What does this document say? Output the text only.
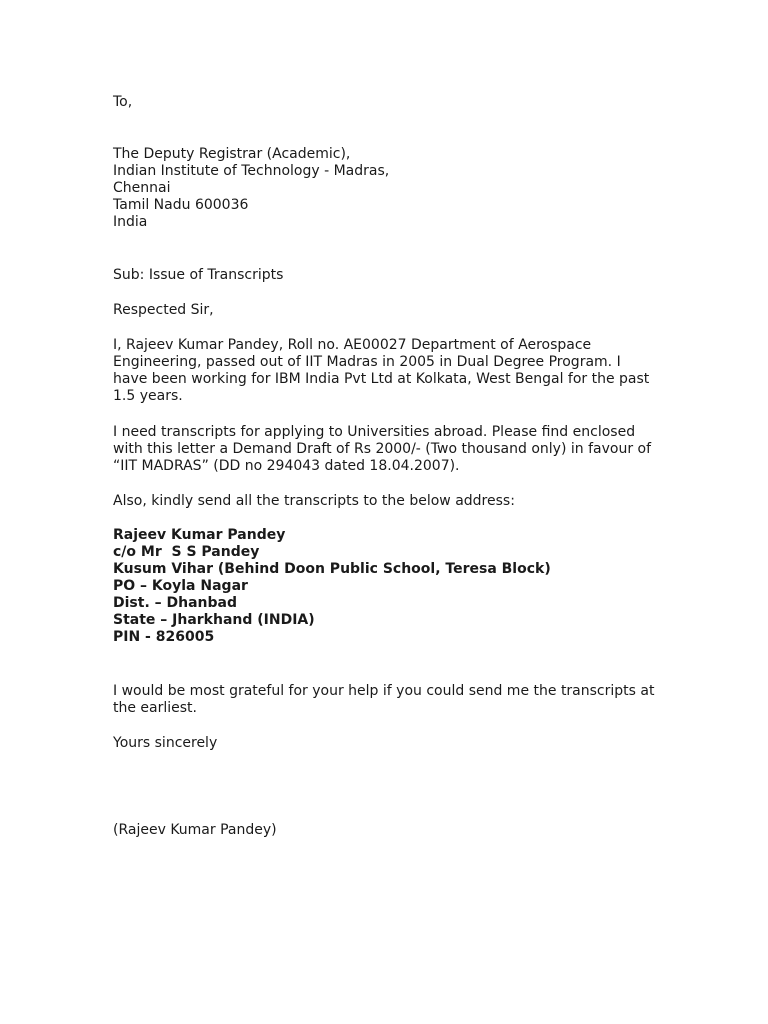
To,

The Deputy Registrar (Academic),
Indian Institute of Technology - Madras,
Chennai
Tamil Nadu 600036
India

Sub: Issue of Transcripts

Respected Sir,

I, Rajeev Kumar Pandey, Roll no. AE00027 Department of Aerospace
Engineering, passed out of IIT Madras in 2005 in Dual Degree Program. I
have been working for IBM India Pvt Ltd at Kolkata, West Bengal for the past
1.5 years.

I need transcripts for applying to Universities abroad. Please find enclosed
with this letter a Demand Draft of Rs 2000/- (Two thousand only) in favour of
“IIT MADRAS” (DD no 294043 dated 18.04.2007).

Also, kindly send all the transcripts to the below address:

Rajeev Kumar Pandey
c/o Mr  S S Pandey
Kusum Vihar (Behind Doon Public School, Teresa Block)
PO – Koyla Nagar
Dist. – Dhanbad
State – Jharkhand (INDIA)
PIN - 826005

I would be most grateful for your help if you could send me the transcripts at
the earliest.

Yours sincerely

(Rajeev Kumar Pandey)
